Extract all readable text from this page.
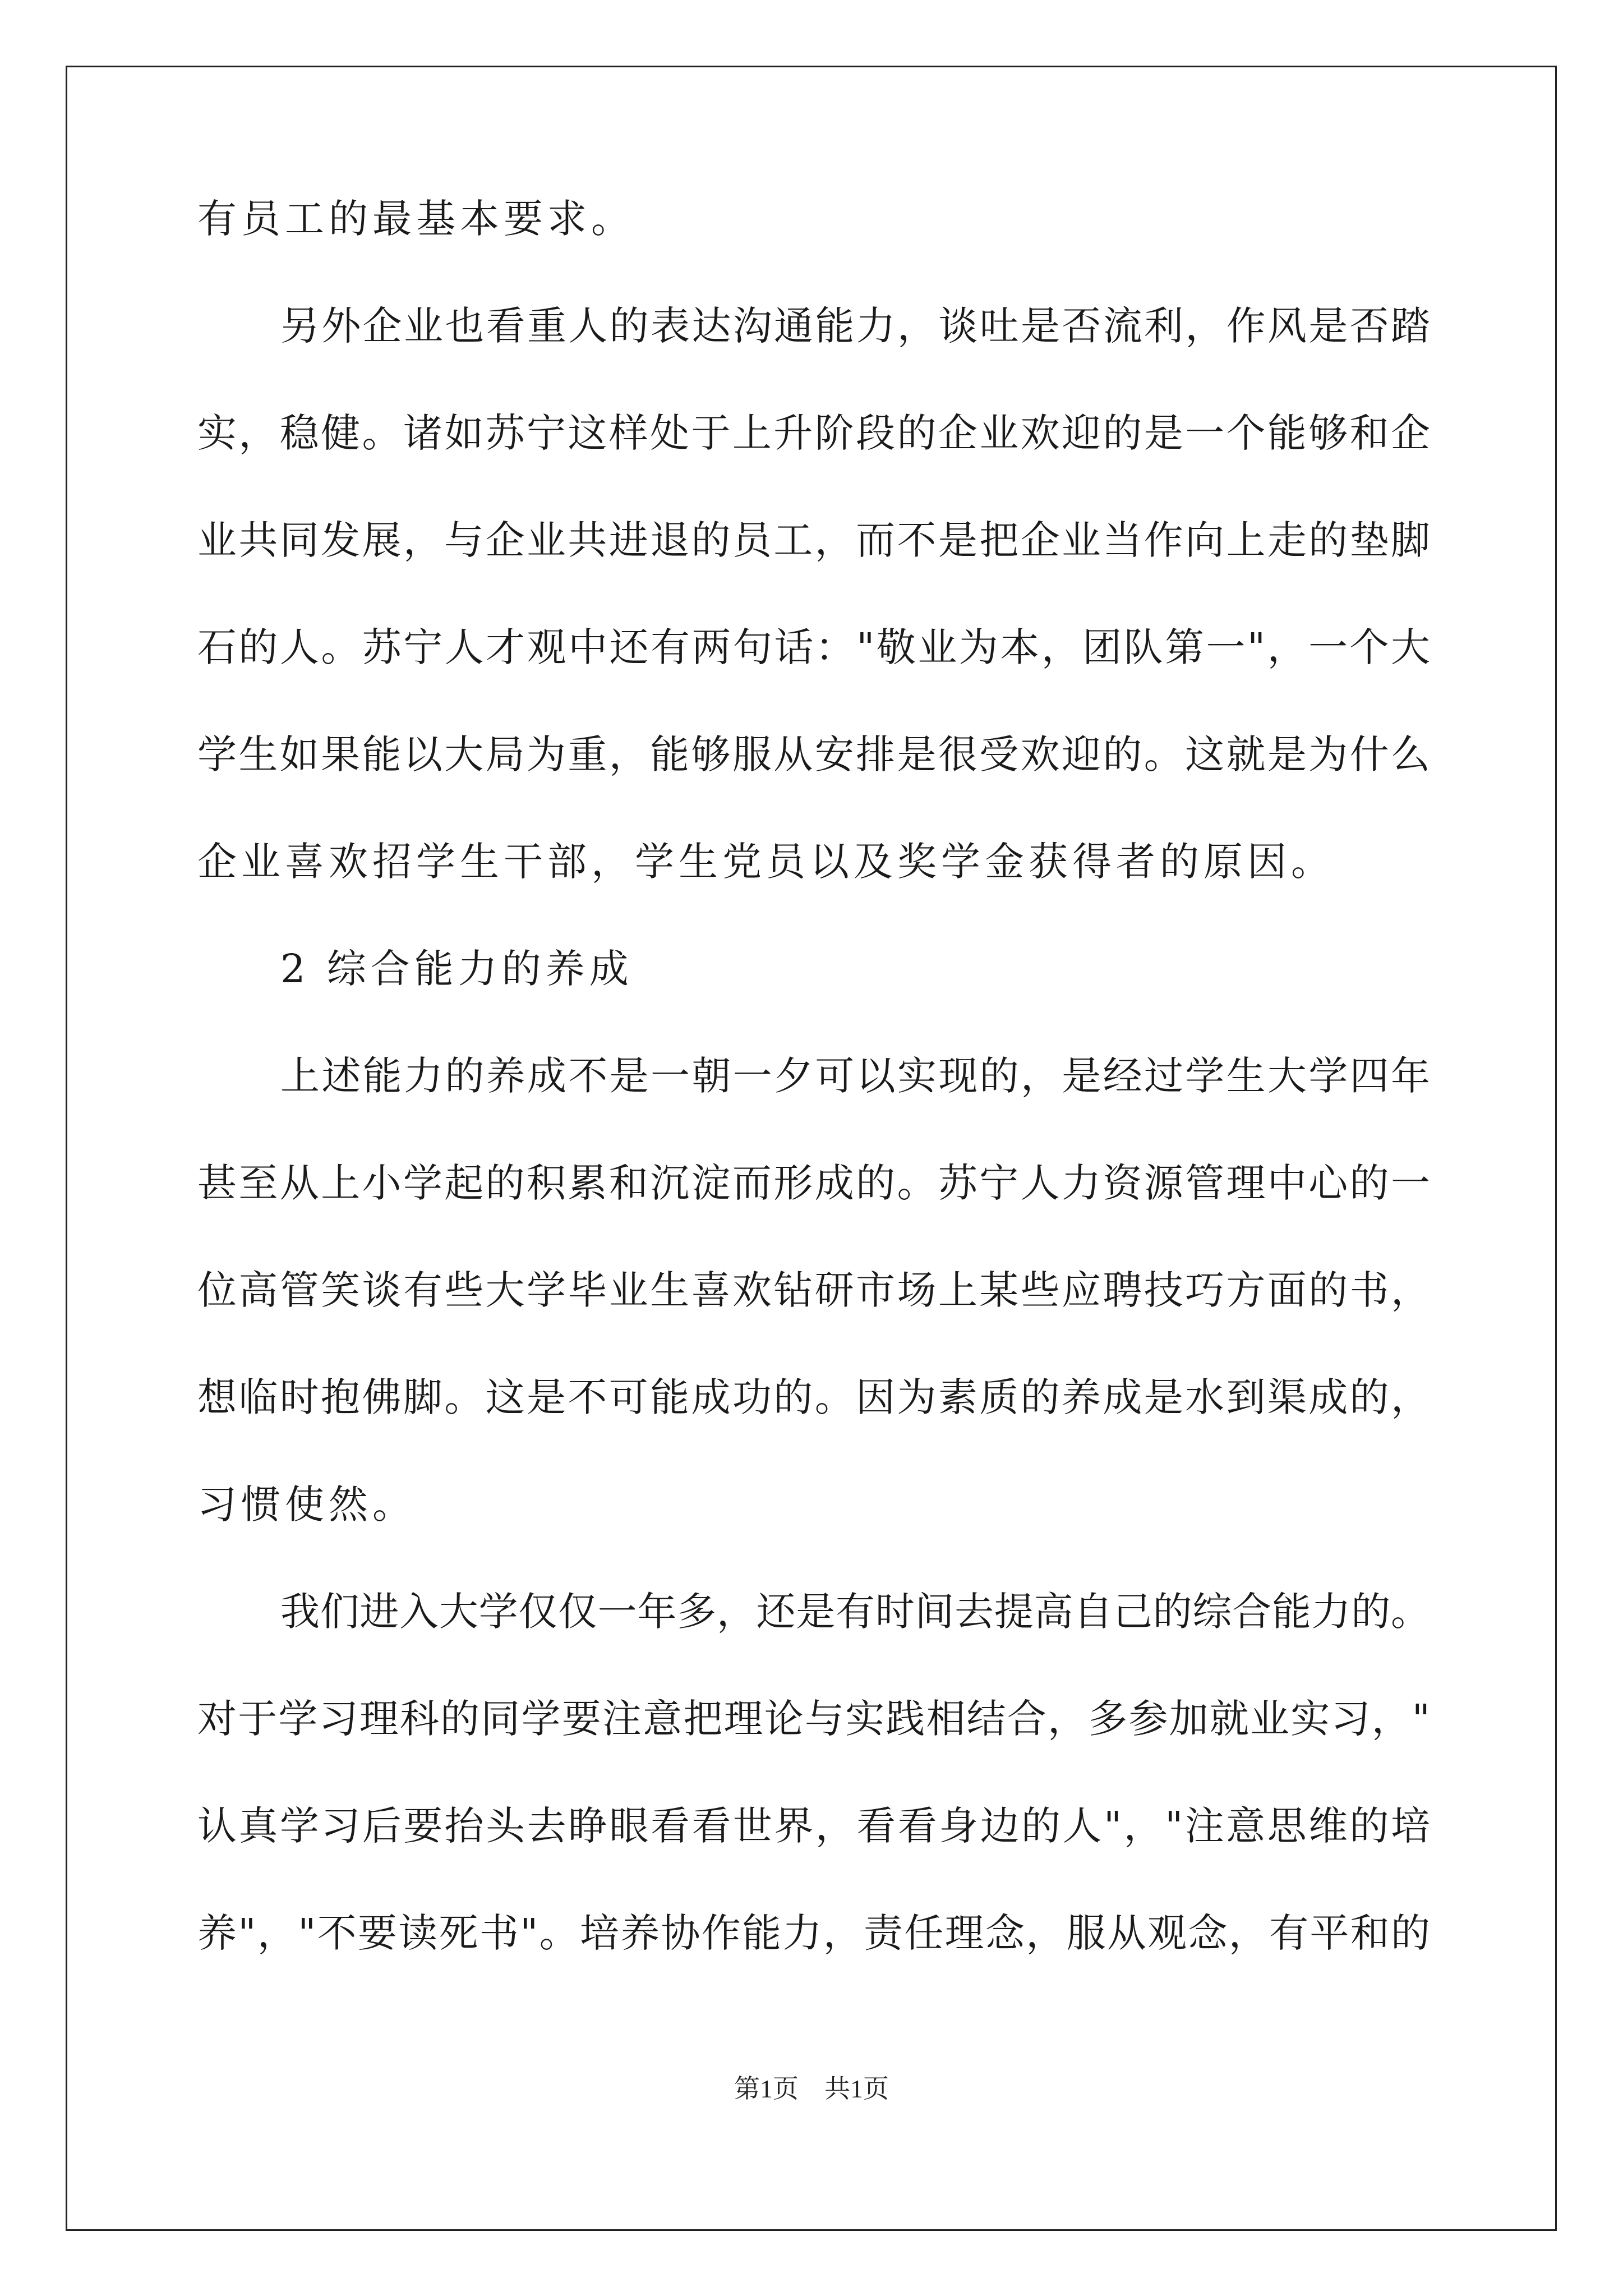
有员工的最基本要求。
另外企业也看重人的表达沟通能力，谈吐是否流利，作风是否踏
实，稳健。诸如苏宁这样处于上升阶段的企业欢迎的是一个能够和企
业共同发展，与企业共进退的员工，而不是把企业当作向上走的垫脚
石的人。苏宁人才观中还有两句话："敬业为本，团队第一"，一个大
学生如果能以大局为重，能够服从安排是很受欢迎的。这就是为什么
企业喜欢招学生干部，学生党员以及奖学金获得者的原因。
2 综合能力的养成
上述能力的养成不是一朝一夕可以实现的，是经过学生大学四年
甚至从上小学起的积累和沉淀而形成的。苏宁人力资源管理中心的一
位高管笑谈有些大学毕业生喜欢钻研市场上某些应聘技巧方面的书，
想临时抱佛脚。这是不可能成功的。因为素质的养成是水到渠成的，
习惯使然。
我们进入大学仅仅一年多，还是有时间去提高自己的综合能力的。
对于学习理科的同学要注意把理论与实践相结合，多参加就业实习，"
认真学习后要抬头去睁眼看看世界，看看身边的人"，"注意思维的培
养"，"不要读死书"。培养协作能力，责任理念，服从观念，有平和的
第1页　共1页
